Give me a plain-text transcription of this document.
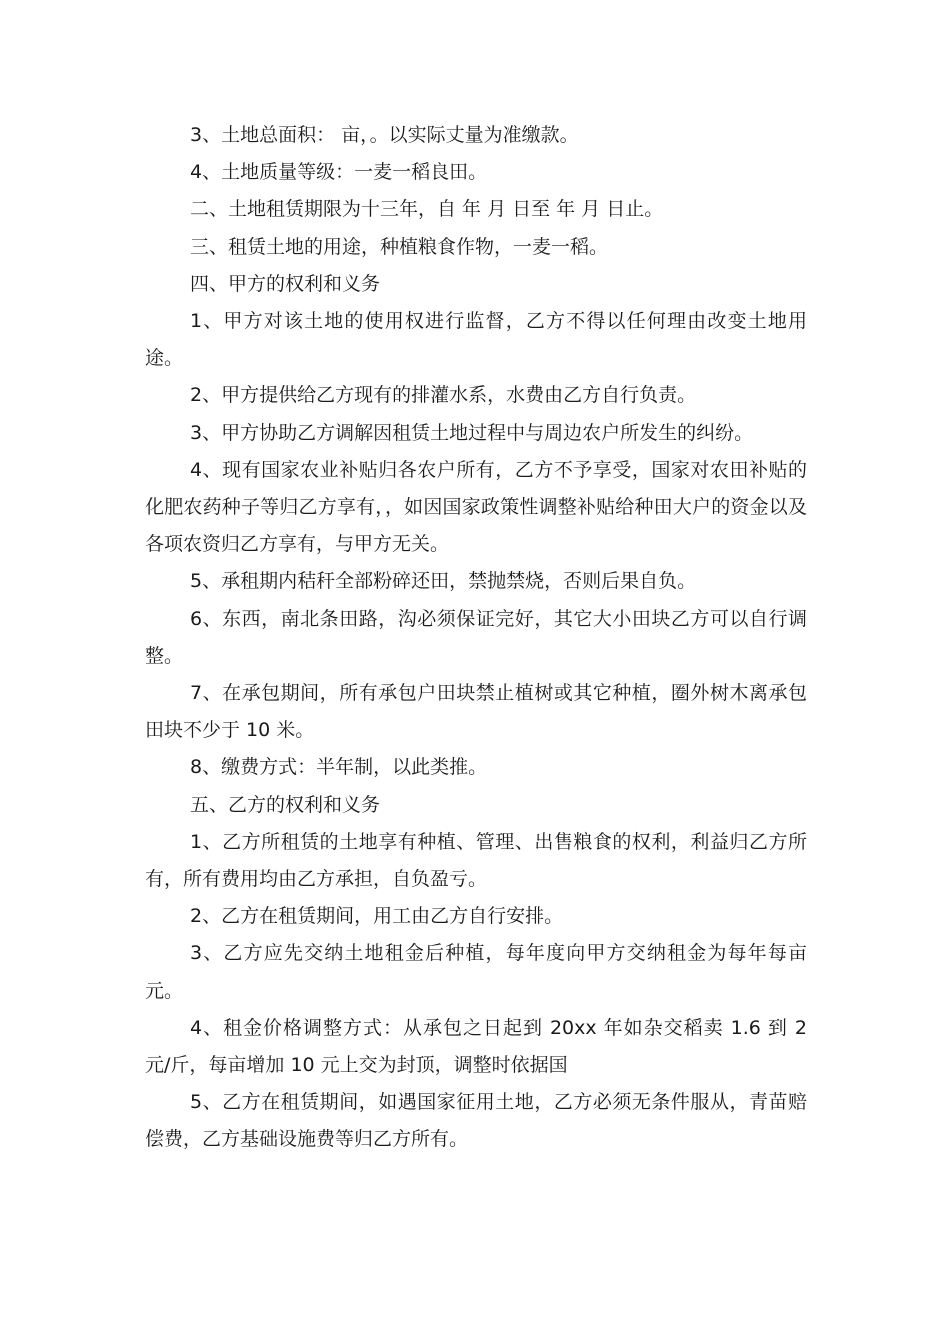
3、土地总面积： 亩，。以实际丈量为准缴款。

4、土地质量等级：一麦一稻良田。

二、土地租赁期限为十三年，自 年 月 日至 年 月 日止。

三、租赁土地的用途，种植粮食作物，一麦一稻。

四、甲方的权利和义务

1、甲方对该土地的使用权进行监督，乙方不得以任何理由改变土地用途。

2、甲方提供给乙方现有的排灌水系，水费由乙方自行负责。

3、甲方协助乙方调解因租赁土地过程中与周边农户所发生的纠纷。

4、现有国家农业补贴归各农户所有，乙方不予享受，国家对农田补贴的化肥农药种子等归乙方享有，，如因国家政策性调整补贴给种田大户的资金以及各项农资归乙方享有，与甲方无关。

5、承租期内秸秆全部粉碎还田，禁抛禁烧，否则后果自负。

6、东西，南北条田路，沟必须保证完好，其它大小田块乙方可以自行调整。

7、在承包期间，所有承包户田块禁止植树或其它种植，圈外树木离承包田块不少于 10 米。

8、缴费方式：半年制，以此类推。

五、乙方的权利和义务

1、乙方所租赁的土地享有种植、管理、出售粮食的权利，利益归乙方所有，所有费用均由乙方承担，自负盈亏。

2、乙方在租赁期间，用工由乙方自行安排。

3、乙方应先交纳土地租金后种植，每年度向甲方交纳租金为每年每亩 元。

4、租金价格调整方式：从承包之日起到 20xx 年如杂交稻卖 1.6 到 2 元/斤，每亩增加 10 元上交为封顶，调整时依据国

5、乙方在租赁期间，如遇国家征用土地，乙方必须无条件服从，青苗赔偿费，乙方基础设施费等归乙方所有。
